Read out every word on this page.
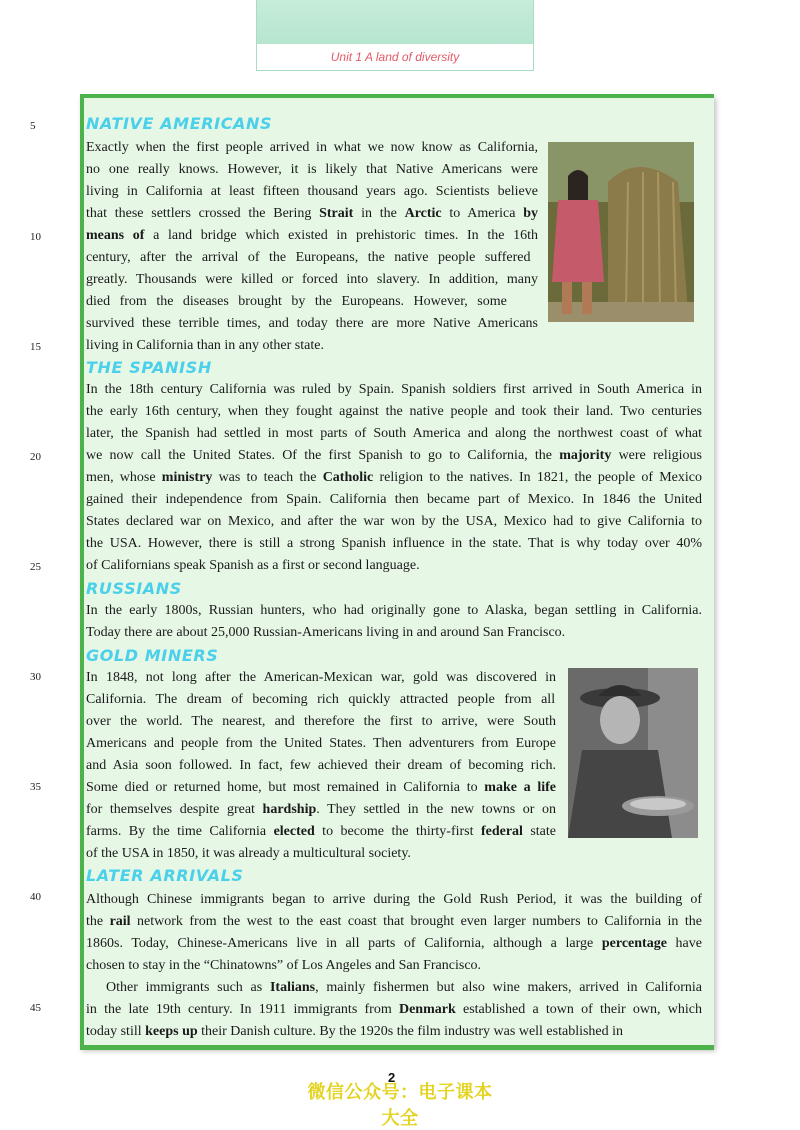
Unit 1 A land of diversity
5
10
15
20
25
30
35
40
45
NATIVE AMERICANS
THE SPANISH
RUSSIANS
GOLD MINERS
LATER ARRIVALS
Exactly when the first people arrived in what we now know as California,
no one really knows. However, it is likely that Native Americans were
living in California at least fifteen thousand years ago. Scientists believe
that these settlers crossed the Bering Strait in the Arctic to America by
means of a land bridge which existed in prehistoric times. In the 16th
century, after the arrival of the Europeans, the native people suffered
greatly. Thousands were killed or forced into slavery. In addition, many
died from the diseases brought by the Europeans. However, some
survived these terrible times, and today there are more Native Americans
living in California than in any other state.
In the 18th century California was ruled by Spain. Spanish soldiers first arrived in South America in
the early 16th century, when they fought against the native people and took their land. Two centuries
later, the Spanish had settled in most parts of South America and along the northwest coast of what
we now call the United States. Of the first Spanish to go to California, the majority were religious
men, whose ministry was to teach the Catholic religion to the natives. In 1821, the people of Mexico
gained their independence from Spain. California then became part of Mexico. In 1846 the United
States declared war on Mexico, and after the war won by the USA, Mexico had to give California to
the USA. However, there is still a strong Spanish influence in the state. That is why today over 40%
of Californians speak Spanish as a first or second language.
In the early 1800s, Russian hunters, who had originally gone to Alaska, began settling in California.
Today there are about 25,000 Russian-Americans living in and around San Francisco.
In 1848, not long after the American-Mexican war, gold was discovered in
California. The dream of becoming rich quickly attracted people from all
over the world. The nearest, and therefore the first to arrive, were South
Americans and people from the United States. Then adventurers from Europe
and Asia soon followed. In fact, few achieved their dream of becoming rich.
Some died or returned home, but most remained in California to make a life
for themselves despite great hardship. They settled in the new towns or on
farms. By the time California elected to become the thirty-first federal state
of the USA in 1850, it was already a multicultural society.
Although Chinese immigrants began to arrive during the Gold Rush Period, it was the building of
the rail network from the west to the east coast that brought even larger numbers to California in the
1860s. Today, Chinese-Americans live in all parts of California, although a large percentage have
chosen to stay in the “Chinatowns” of Los Angeles and San Francisco.
Other immigrants such as Italians, mainly fishermen but also wine makers, arrived in California
in the late 19th century. In 1911 immigrants from Denmark established a town of their own, which
today still keeps up their Danish culture. By the 1920s the film industry was well established in
微信公众号：电子课本大全
2
